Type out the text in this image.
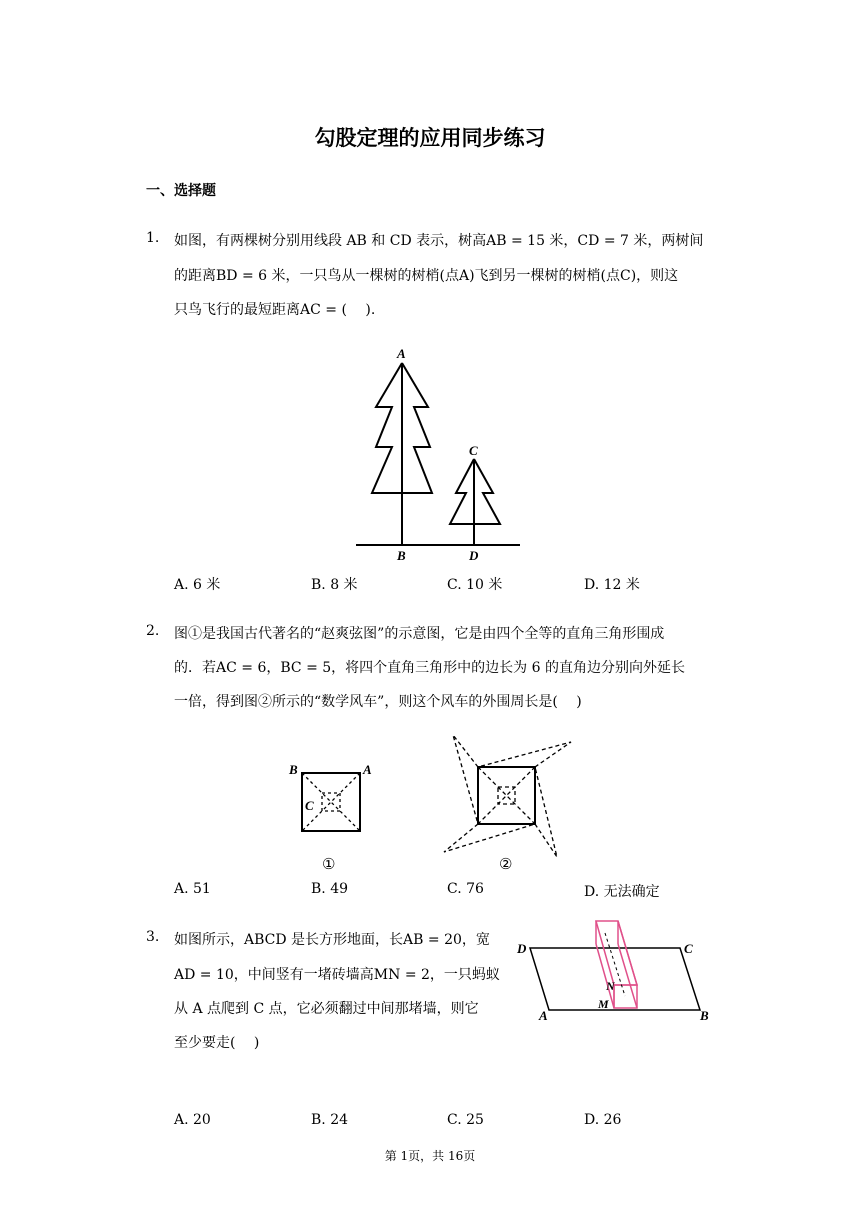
勾股定理的应用同步练习
一、选择题
1. 如图，有两棵树分别用线段 AB 和 CD 表示，树高AB = 15 米，CD = 7 米，两树间
的距离BD = 6 米，一只鸟从一棵树的树梢(点A)飞到另一棵树的树梢(点C)，则这
只鸟飞行的最短距离AC = (　 ).
A
B
C
D
A. 6 米	B. 8 米	C. 10 米	D. 12 米
2. 图①是我国古代著名的“赵爽弦图”的示意图，它是由四个全等的直角三角形围成
的．若AC = 6，BC = 5，将四个直角三角形中的边长为 6 的直角边分别向外延长
一倍，得到图②所示的“数学风车”，则这个风车的外围周长是(　 )
B	A
C
①	②
A. 51	B. 49	C. 76	D. 无法确定
3. 如图所示，ABCD 是长方形地面，长AB = 20，宽
AD = 10，中间竖有一堵砖墙高MN = 2，一只蚂蚁
从 A 点爬到 C 点，它必须翻过中间那堵墙，则它
至少要走(　 )
D	C
N
M
A	B
A. 20	B. 24	C. 25	D. 26
第 1页，共 16页
